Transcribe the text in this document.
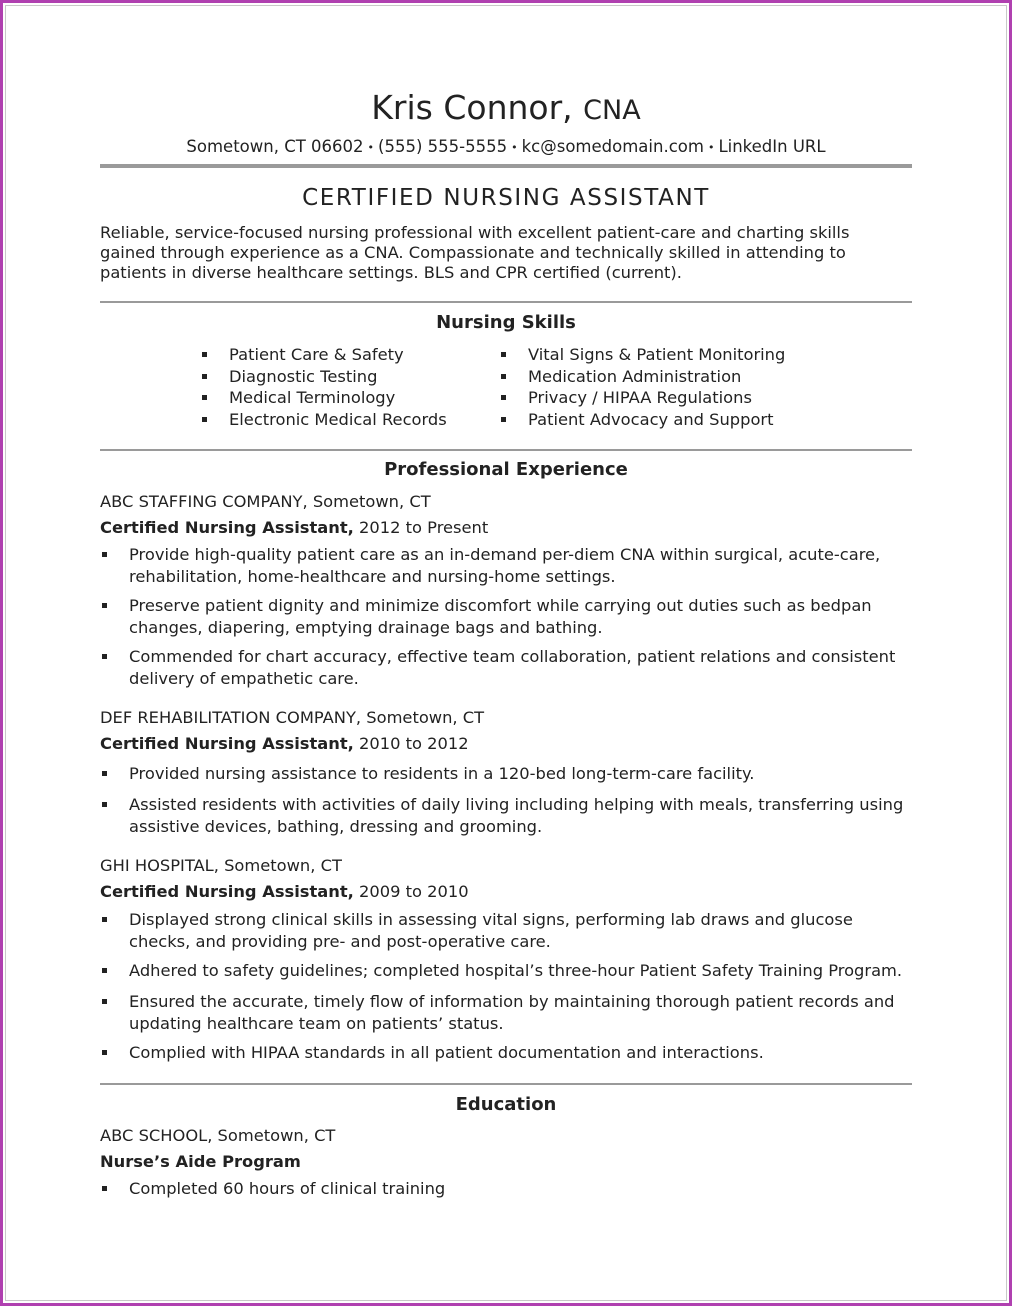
Kris Connor, CNA
Sometown, CT 06602 • (555) 555-5555 • kc@somedomain.com • LinkedIn URL
CERTIFIED NURSING ASSISTANT
Reliable, service-focused nursing professional with excellent patient-care and charting skills gained through experience as a CNA. Compassionate and technically skilled in attending to patients in diverse healthcare settings. BLS and CPR certified (current).
Nursing Skills
Patient Care & Safety
Diagnostic Testing
Medical Terminology
Electronic Medical Records
Vital Signs & Patient Monitoring
Medication Administration
Privacy / HIPAA Regulations
Patient Advocacy and Support
Professional Experience
ABC STAFFING COMPANY, Sometown, CT
Certified Nursing Assistant, 2012 to Present
Provide high-quality patient care as an in-demand per-diem CNA within surgical, acute-care, rehabilitation, home-healthcare and nursing-home settings.
Preserve patient dignity and minimize discomfort while carrying out duties such as bedpan changes, diapering, emptying drainage bags and bathing.
Commended for chart accuracy, effective team collaboration, patient relations and consistent delivery of empathetic care.
DEF REHABILITATION COMPANY, Sometown, CT
Certified Nursing Assistant, 2010 to 2012
Provided nursing assistance to residents in a 120-bed long-term-care facility.
Assisted residents with activities of daily living including helping with meals, transferring using assistive devices, bathing, dressing and grooming.
GHI HOSPITAL, Sometown, CT
Certified Nursing Assistant, 2009 to 2010
Displayed strong clinical skills in assessing vital signs, performing lab draws and glucose checks, and providing pre- and post-operative care.
Adhered to safety guidelines; completed hospital’s three-hour Patient Safety Training Program.
Ensured the accurate, timely flow of information by maintaining thorough patient records and updating healthcare team on patients’ status.
Complied with HIPAA standards in all patient documentation and interactions.
Education
ABC SCHOOL, Sometown, CT
Nurse’s Aide Program
Completed 60 hours of clinical training
